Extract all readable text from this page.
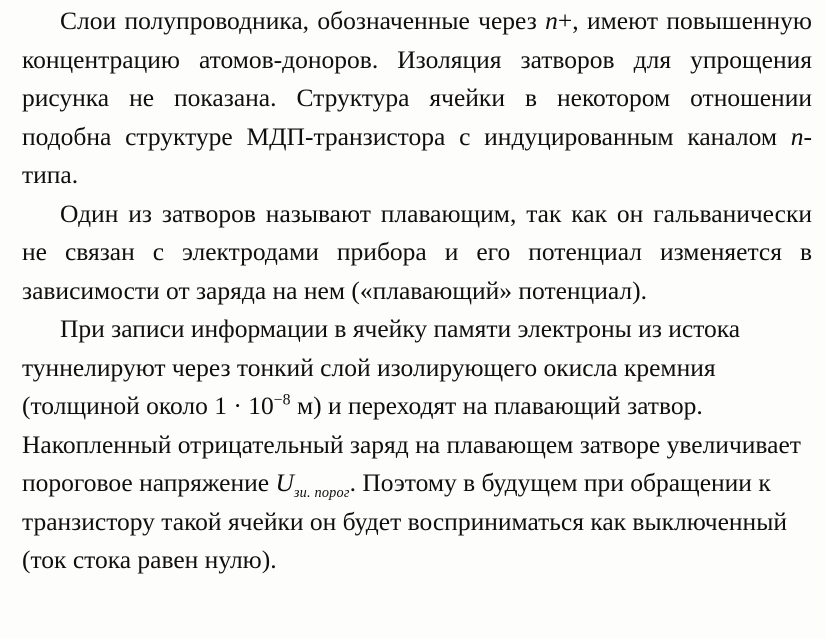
Слои полупроводника, обозначенные через n+, имеют повышенную концентрацию атомов-доноров. Изоляция затворов для упрощения рисунка не показана. Структура ячейки в некотором отношении подобна структуре МДП-транзистора с индуцированным каналом n-типа.

Один из затворов называют плавающим, так как он гальванически не связан с электродами прибора и его потенциал изменяется в зависимости от заряда на нем («плавающий» потенциал).

При записи информации в ячейку памяти электроны из истока туннелируют через тонкий слой изолирующего окисла кремния (толщиной около $1 \cdot 10^{-8}$ м) и переходят на плавающий затвор. Накопленный отрицательный заряд на плавающем затворе увеличивает пороговое напряжение $U_{зи. порог}$. Поэтому в будущем при обращении к транзистору такой ячейки он будет восприниматься как выключенный (ток стока равен нулю).
